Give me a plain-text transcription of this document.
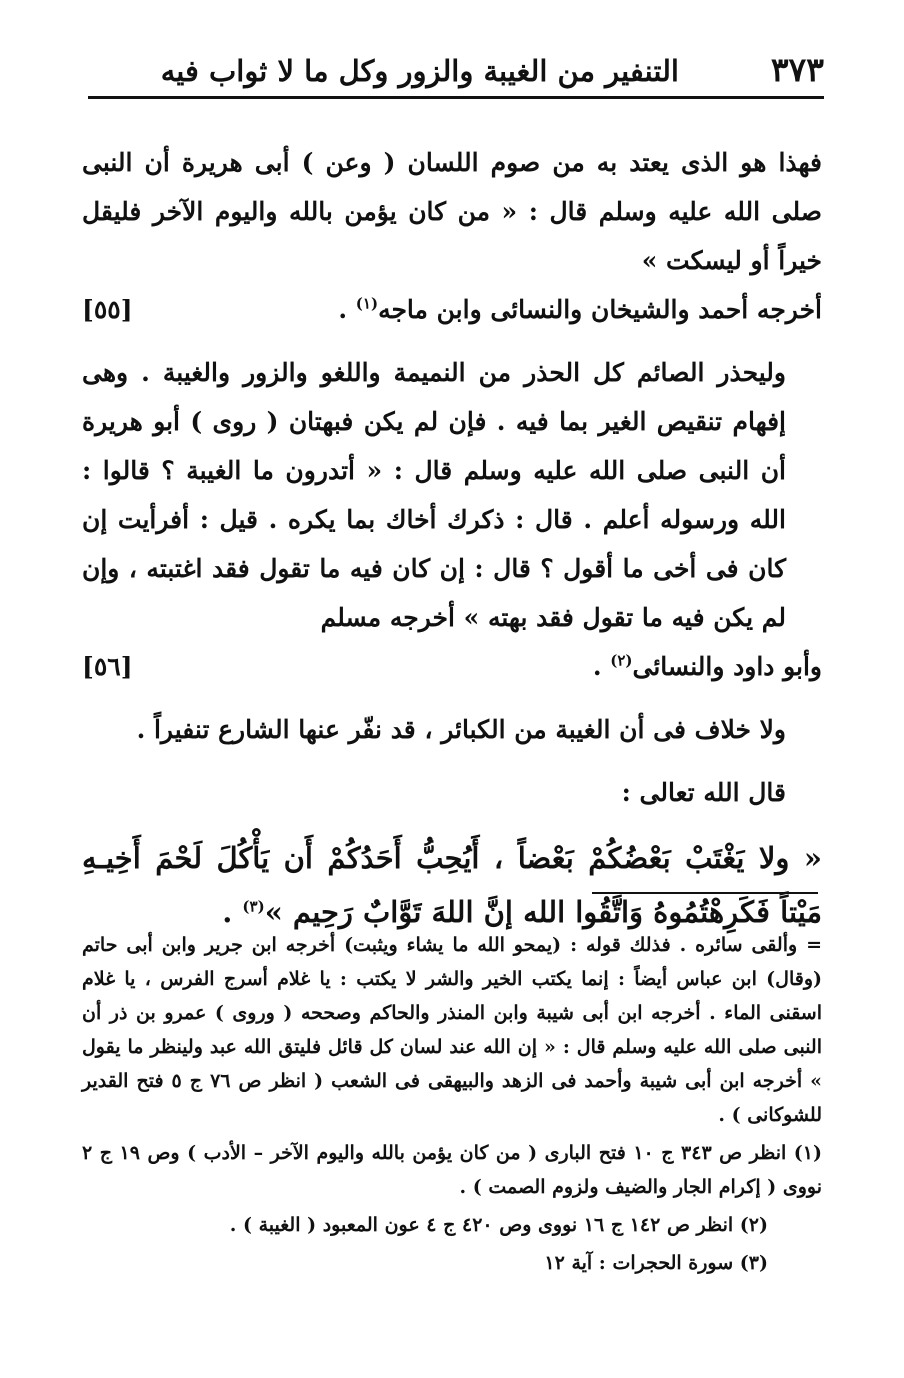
٣٧٣
التنفير من الغيبة والزور وكل ما لا ثواب فيه

فهذا هو الذى يعتد به من صوم اللسان ( وعن ) أبى هريرة أن النبى صلى الله عليه وسلم قال : « من كان يؤمن بالله واليوم الآخر فليقل خيراً أو ليسكت »
أخرجه أحمد والشيخان والنسائى وابن ماجه$^{(١)}$ .
[٥٥]

وليحذر الصائم كل الحذر من النميمة واللغو والزور والغيبة . وهى إفهام تنقيص الغير بما فيه . فإن لم يكن فبهتان ( روى ) أبو هريرة أن النبى صلى الله عليه وسلم قال : « أتدرون ما الغيبة ؟ قالوا : الله ورسوله أعلم . قال : ذكرك أخاك بما يكره . قيل : أفرأيت إن كان فى أخى ما أقول ؟ قال : إن كان فيه ما تقول فقد اغتبته ، وإن لم يكن فيه ما تقول فقد بهته » أخرجه مسلم
وأبو داود والنسائى$^{(٢)}$ .
[٥٦]

ولا خلاف فى أن الغيبة من الكبائر ، قد نفّر عنها الشارع تنفيراً .

قال الله تعالى :

« ولا يَغْتَبْ بَعْضُكُمْ بَعْضاً ، أَيُحِبُّ أَحَدُكُمْ أَن يَأْكُلَ لَحْمَ أَخِيـهِ مَيْتاً فَكَرِهْتُمُوهُ وَاتَّقُوا الله إنَّ اللهَ تَوَّابٌ رَحِيم »$^{(٣)}$ .

= وألقى سائره . فذلك قوله : (يمحو الله ما يشاء ويثبت) أخرجه ابن جرير وابن أبى حاتم (وقال) ابن عباس أيضاً : إنما يكتب الخير والشر لا يكتب : يا غلام أسرج الفرس ، يا غلام اسقنى الماء . أخرجه ابن أبى شيبة وابن المنذر والحاكم وصححه ( وروى ) عمرو بن ذر أن النبى صلى الله عليه وسلم قال : « إن الله عند لسان كل قائل فليتق الله عبد ولينظر ما يقول » أخرجه ابن أبى شيبة وأحمد فى الزهد والبيهقى فى الشعب ( انظر ص ٧٦ ج ٥ فتح القدير للشوكانى ) .

(١) انظر ص ٣٤٣ ج ١٠ فتح البارى ( من كان يؤمن بالله واليوم الآخر – الأدب ) وص ١٩ ج ٢ نووى ( إكرام الجار والضيف ولزوم الصمت ) .

(٢) انظر ص ١٤٢ ج ١٦ نووى وص ٤٢٠ ج ٤ عون المعبود ( الغيبة ) .

(٣) سورة الحجرات : آية ١٢
